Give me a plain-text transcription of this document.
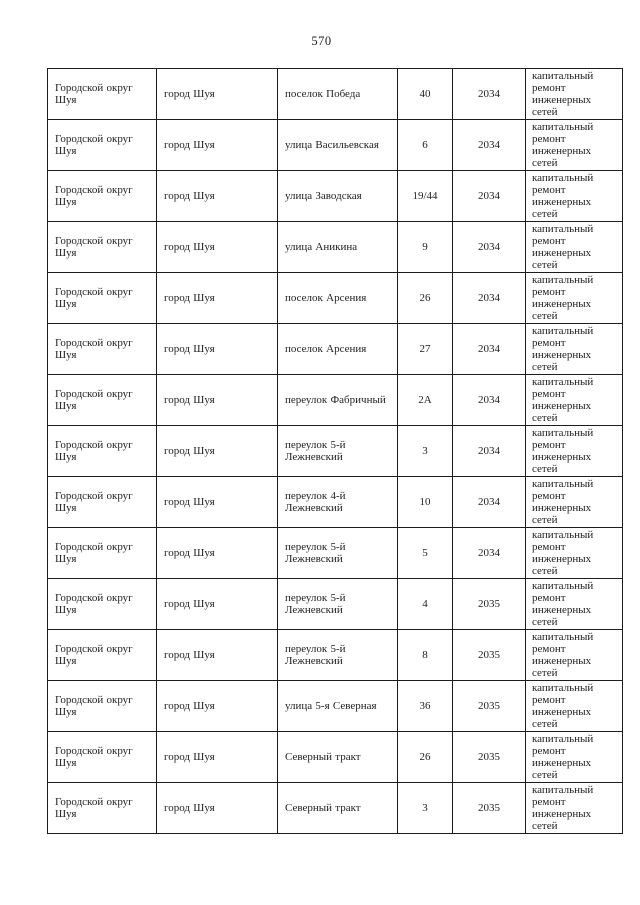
570
Городской округ Шуя	город Шуя	поселок Победа	40	2034	капитальный ремонт инженерных сетей
Городской округ Шуя	город Шуя	улица Васильевская	6	2034	капитальный ремонт инженерных сетей
Городской округ Шуя	город Шуя	улица Заводская	19/44	2034	капитальный ремонт инженерных сетей
Городской округ Шуя	город Шуя	улица Аникина	9	2034	капитальный ремонт инженерных сетей
Городской округ Шуя	город Шуя	поселок Арсения	26	2034	капитальный ремонт инженерных сетей
Городской округ Шуя	город Шуя	поселок Арсения	27	2034	капитальный ремонт инженерных сетей
Городской округ Шуя	город Шуя	переулок Фабричный	2А	2034	капитальный ремонт инженерных сетей
Городской округ Шуя	город Шуя	переулок 5-й Лежневский	3	2034	капитальный ремонт инженерных сетей
Городской округ Шуя	город Шуя	переулок 4-й Лежневский	10	2034	капитальный ремонт инженерных сетей
Городской округ Шуя	город Шуя	переулок 5-й Лежневский	5	2034	капитальный ремонт инженерных сетей
Городской округ Шуя	город Шуя	переулок 5-й Лежневский	4	2035	капитальный ремонт инженерных сетей
Городской округ Шуя	город Шуя	переулок 5-й Лежневский	8	2035	капитальный ремонт инженерных сетей
Городской округ Шуя	город Шуя	улица 5-я Северная	36	2035	капитальный ремонт инженерных сетей
Городской округ Шуя	город Шуя	Северный тракт	26	2035	капитальный ремонт инженерных сетей
Городской округ Шуя	город Шуя	Северный тракт	3	2035	капитальный ремонт инженерных сетей
